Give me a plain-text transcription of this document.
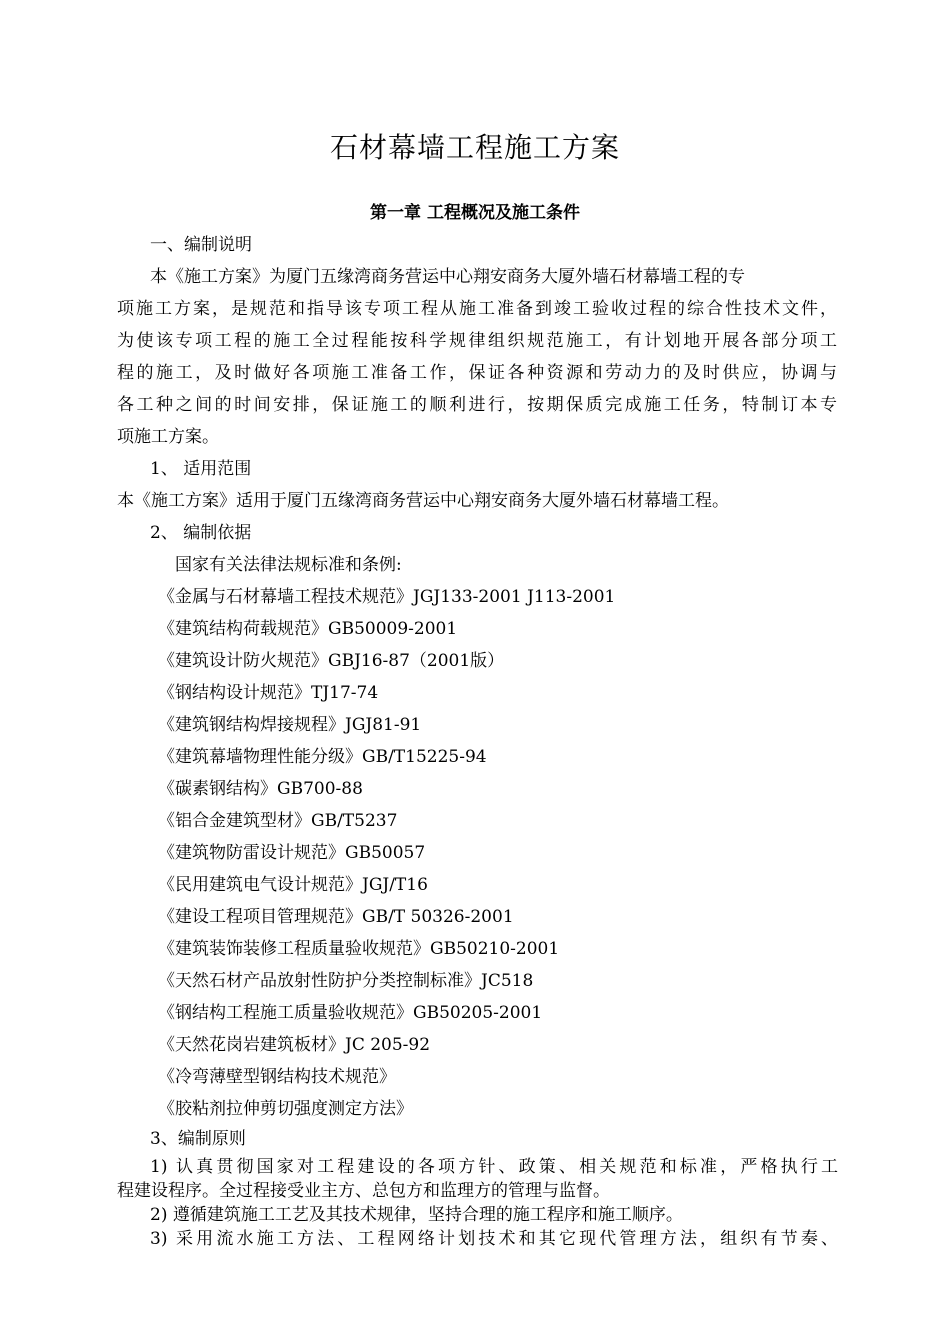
石材幕墙工程施工方案
第一章 工程概况及施工条件
一、编制说明
本《施工方案》为厦门五缘湾商务营运中心翔安商务大厦外墙石材幕墙工程的专
项施工方案，是规范和指导该专项工程从施工准备到竣工验收过程的综合性技术文件，
为使该专项工程的施工全过程能按科学规律组织规范施工，有计划地开展各部分项工
程的施工，及时做好各项施工准备工作，保证各种资源和劳动力的及时供应，协调与
各工种之间的时间安排，保证施工的顺利进行，按期保质完成施工任务，特制订本专
项施工方案。
1、 适用范围
本《施工方案》适用于厦门五缘湾商务营运中心翔安商务大厦外墙石材幕墙工程。
2、 编制依据
国家有关法律法规标准和条例:
《金属与石材幕墙工程技术规范》JGJ133-2001 J113-2001
《建筑结构荷载规范》GB50009-2001
《建筑设计防火规范》GBJ16-87（2001版）
《钢结构设计规范》TJ17-74
《建筑钢结构焊接规程》JGJ81-91
《建筑幕墙物理性能分级》GB/T15225-94
《碳素钢结构》GB700-88
《铝合金建筑型材》GB/T5237
《建筑物防雷设计规范》GB50057
《民用建筑电气设计规范》JGJ/T16
《建设工程项目管理规范》GB/T 50326-2001
《建筑装饰装修工程质量验收规范》GB50210-2001
《天然石材产品放射性防护分类控制标准》JC518
《钢结构工程施工质量验收规范》GB50205-2001
《天然花岗岩建筑板材》JC 205-92
《冷弯薄壁型钢结构技术规范》
《胶粘剂拉伸剪切强度测定方法》
3、编制原则
1) 认真贯彻国家对工程建设的各项方针、政策、相关规范和标准，严格执行工
程建设程序。全过程接受业主方、总包方和监理方的管理与监督。
2) 遵循建筑施工工艺及其技术规律，坚持合理的施工程序和施工顺序。
3) 采用流水施工方法、工程网络计划技术和其它现代管理方法，组织有节奏、
